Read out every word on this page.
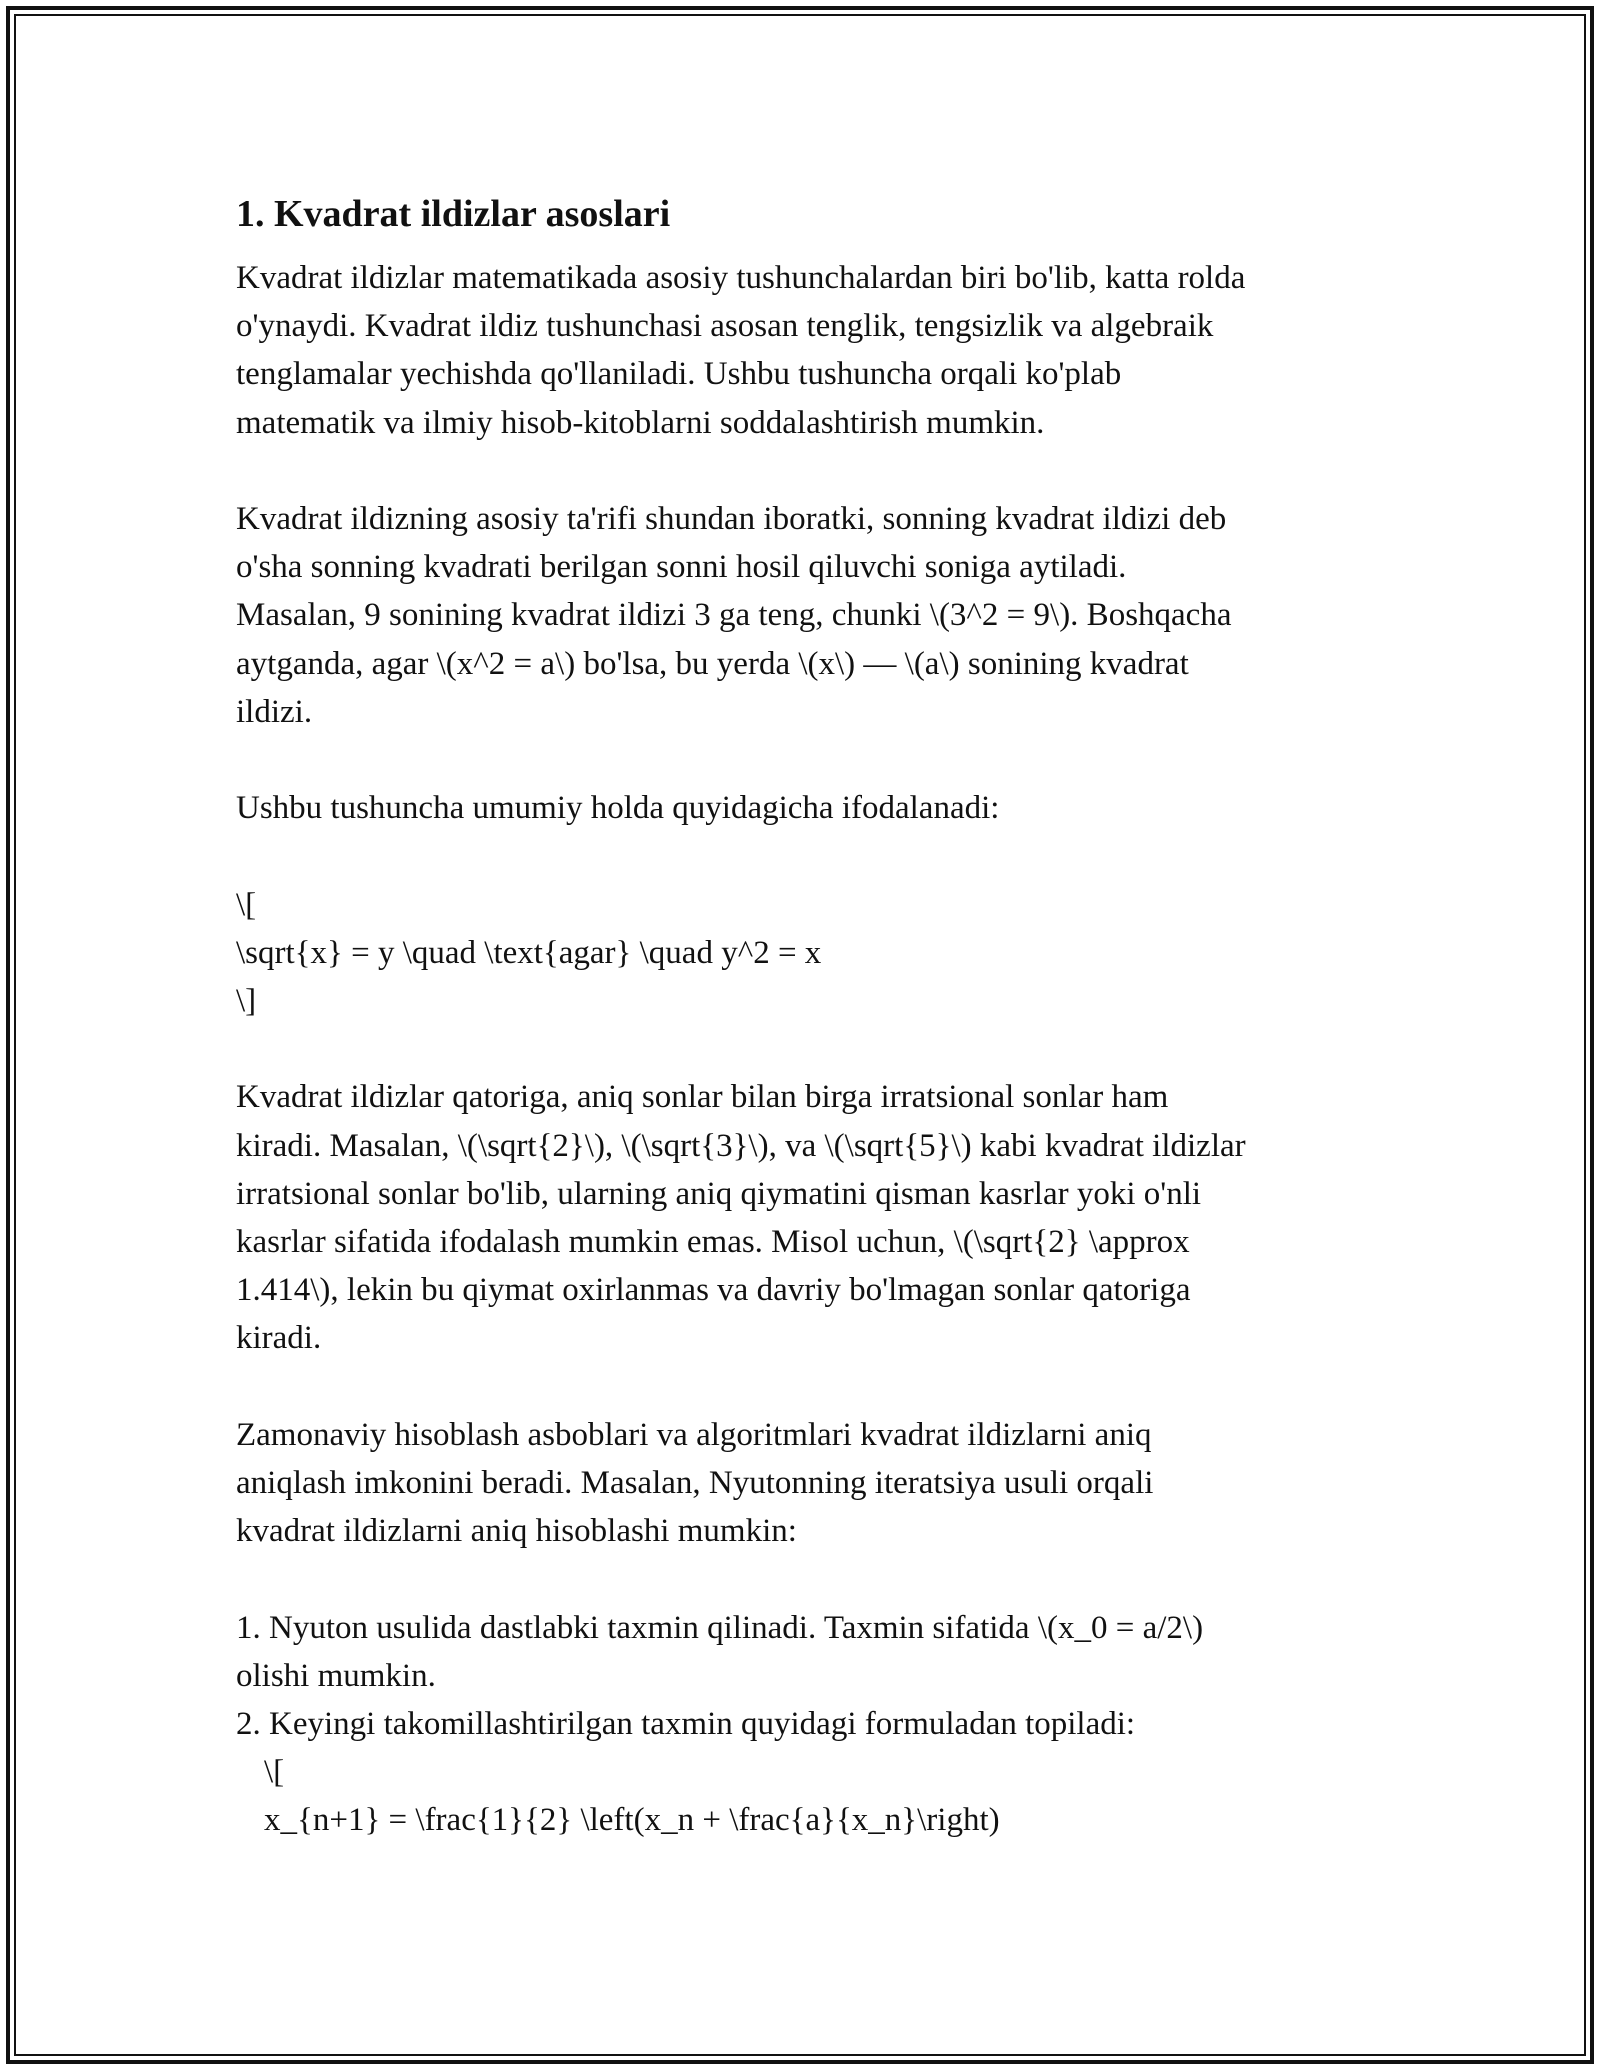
1. Kvadrat ildizlar asoslari

Kvadrat ildizlar matematikada asosiy tushunchalardan biri bo'lib, katta rolda
o'ynaydi. Kvadrat ildiz tushunchasi asosan tenglik, tengsizlik va algebraik
tenglamalar yechishda qo'llaniladi. Ushbu tushuncha orqali ko'plab
matematik va ilmiy hisob-kitoblarni soddalashtirish mumkin.

Kvadrat ildizning asosiy ta'rifi shundan iboratki, sonning kvadrat ildizi deb
o'sha sonning kvadrati berilgan sonni hosil qiluvchi soniga aytiladi.
Masalan, 9 sonining kvadrat ildizi 3 ga teng, chunki \(3^2 = 9\). Boshqacha
aytganda, agar \(x^2 = a\) bo'lsa, bu yerda \(x\) — \(a\) sonining kvadrat
ildizi.

Ushbu tushuncha umumiy holda quyidagicha ifodalanadi:

\[
\sqrt{x} = y \quad \text{agar} \quad y^2 = x
\]

Kvadrat ildizlar qatoriga, aniq sonlar bilan birga irratsional sonlar ham
kiradi. Masalan, \(\sqrt{2}\), \(\sqrt{3}\), va \(\sqrt{5}\) kabi kvadrat ildizlar
irratsional sonlar bo'lib, ularning aniq qiymatini qisman kasrlar yoki o'nli
kasrlar sifatida ifodalash mumkin emas. Misol uchun, \(\sqrt{2} \approx
1.414\), lekin bu qiymat oxirlanmas va davriy bo'lmagan sonlar qatoriga
kiradi.

Zamonaviy hisoblash asboblari va algoritmlari kvadrat ildizlarni aniq
aniqlash imkonini beradi. Masalan, Nyutonning iteratsiya usuli orqali
kvadrat ildizlarni aniq hisoblashi mumkin:

1. Nyuton usulida dastlabki taxmin qilinadi. Taxmin sifatida \(x_0 = a/2\)
olishi mumkin.

2. Keyingi takomillashtirilgan taxmin quyidagi formuladan topiladi:

\[

x_{n+1} = \frac{1}{2} \left(x_n + \frac{a}{x_n}\right)
